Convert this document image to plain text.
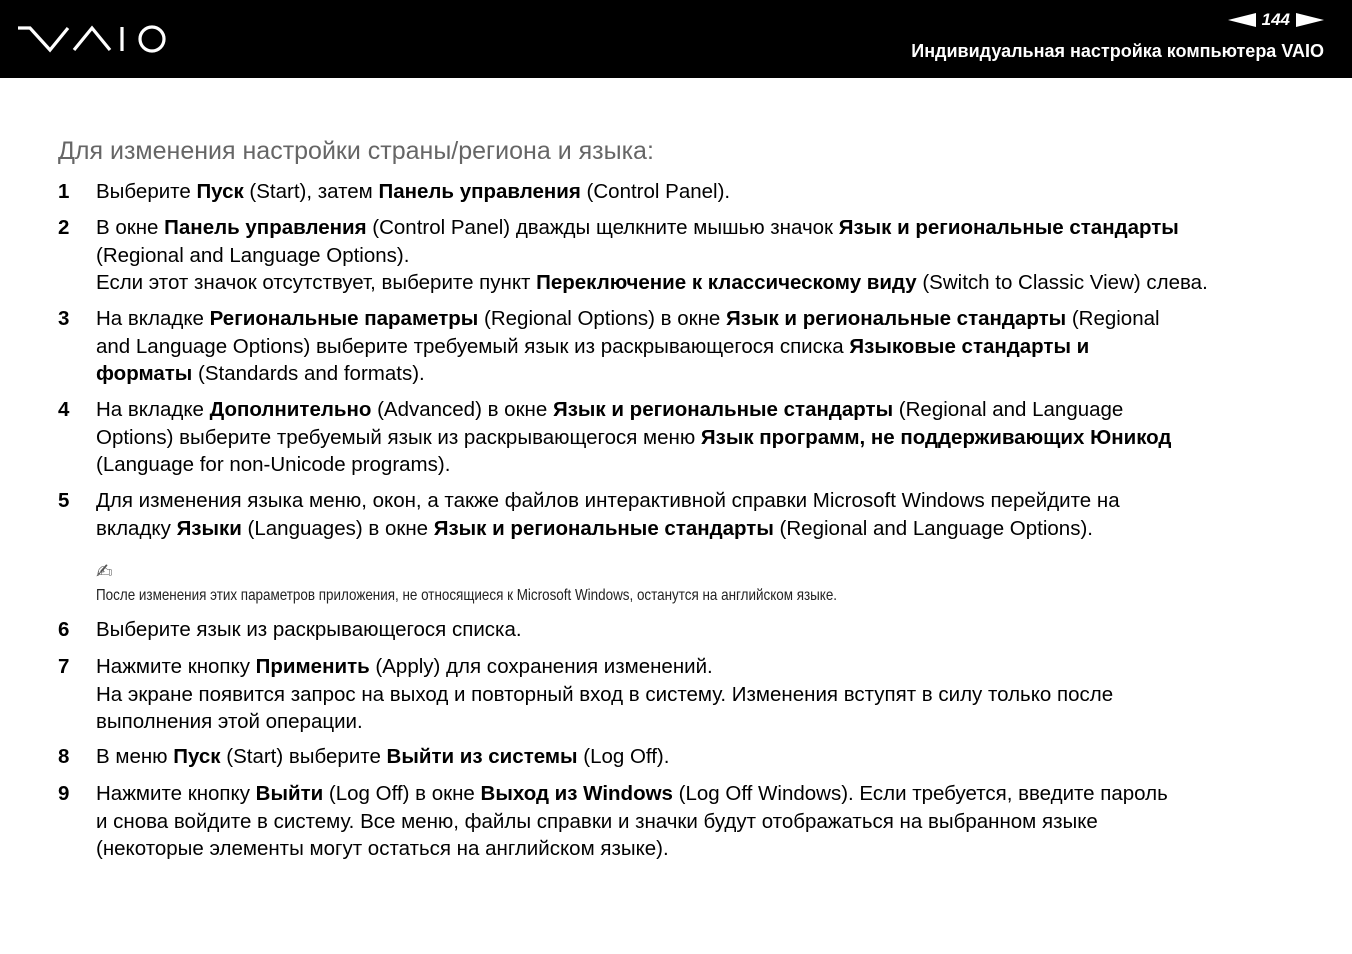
144
Индивидуальная настройка компьютера VAIO
Для изменения настройки страны/региона и языка:
1 Выберите Пуск (Start), затем Панель управления (Control Panel).
2 В окне Панель управления (Control Panel) дважды щелкните мышью значок Язык и региональные стандарты
(Regional and Language Options).
Если этот значок отсутствует, выберите пункт Переключение к классическому виду (Switch to Classic View) слева.
3 На вкладке Региональные параметры (Regional Options) в окне Язык и региональные стандарты (Regional
and Language Options) выберите требуемый язык из раскрывающегося списка Языковые стандарты и
форматы (Standards and formats).
4 На вкладке Дополнительно (Advanced) в окне Язык и региональные стандарты (Regional and Language
Options) выберите требуемый язык из раскрывающегося меню Язык программ, не поддерживающих Юникод
(Language for non-Unicode programs).
5 Для изменения языка меню, окон, а также файлов интерактивной справки Microsoft Windows перейдите на
вкладку Языки (Languages) в окне Язык и региональные стандарты (Regional and Language Options).
✍
После изменения этих параметров приложения, не относящиеся к Microsoft Windows, останутся на английском языке.
6 Выберите язык из раскрывающегося списка.
7 Нажмите кнопку Применить (Apply) для сохранения изменений.
На экране появится запрос на выход и повторный вход в систему. Изменения вступят в силу только после
выполнения этой операции.
8 В меню Пуск (Start) выберите Выйти из системы (Log Off).
9 Нажмите кнопку Выйти (Log Off) в окне Выход из Windows (Log Off Windows). Если требуется, введите пароль
и снова войдите в систему. Все меню, файлы справки и значки будут отображаться на выбранном языке
(некоторые элементы могут остаться на английском языке).
